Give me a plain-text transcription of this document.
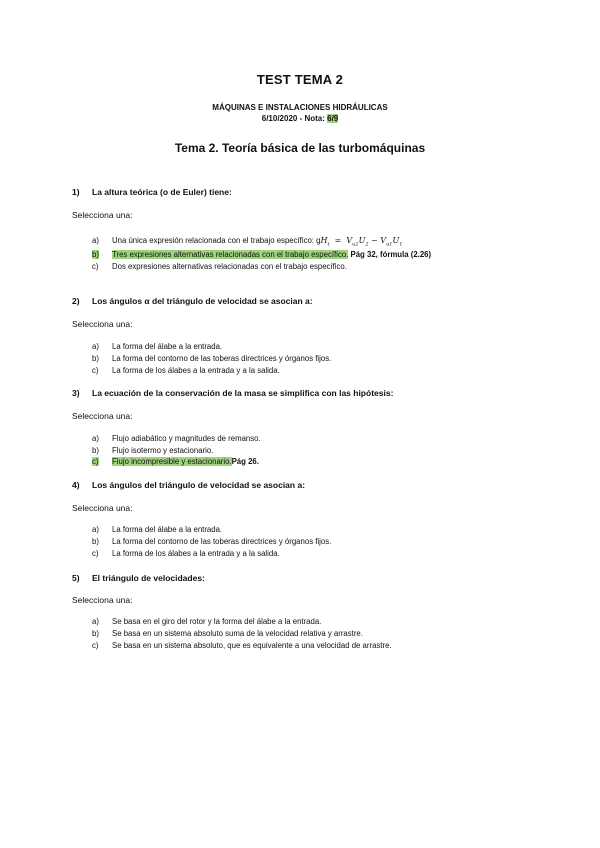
TEST TEMA 2
MÁQUINAS E INSTALACIONES HIDRÁULICAS
6/10/2020 - Nota: 6/9
Tema 2. Teoría básica de las turbomáquinas
1) La altura teórica (o de Euler) tiene:
Selecciona una:
a) Una única expresión relacionada con el trabajo específico: $gH_t = V_{u2}U_2 - V_{u1}U_1$
b) Tres expresiones alternativas relacionadas con el trabajo específico. Pág 32, fórmula (2.26)
c) Dos expresiones alternativas relacionadas con el trabajo específico.
2) Los ángulos α del triángulo de velocidad se asocian a:
Selecciona una:
a) La forma del álabe a la entrada.
b) La forma del contorno de las toberas directrices y órganos fijos.
c) La forma de los álabes a la entrada y a la salida.
3) La ecuación de la conservación de la masa se simplifica con las hipótesis:
Selecciona una:
a) Flujo adiabático y magnitudes de remanso.
b) Flujo isotermo y estacionario.
c) Flujo incompresible y estacionario.Pág 26.
4) Los ángulos del triángulo de velocidad se asocian a:
Selecciona una:
a) La forma del álabe a la entrada.
b) La forma del contorno de las toberas directrices y órganos fijos.
c) La forma de los álabes a la entrada y a la salida.
5) El triángulo de velocidades:
Selecciona una:
a) Se basa en el giro del rotor y la forma del álabe a la entrada.
b) Se basa en un sistema absoluto suma de la velocidad relativa y arrastre.
c) Se basa en un sistema absoluto, que es equivalente a una velocidad de arrastre.
